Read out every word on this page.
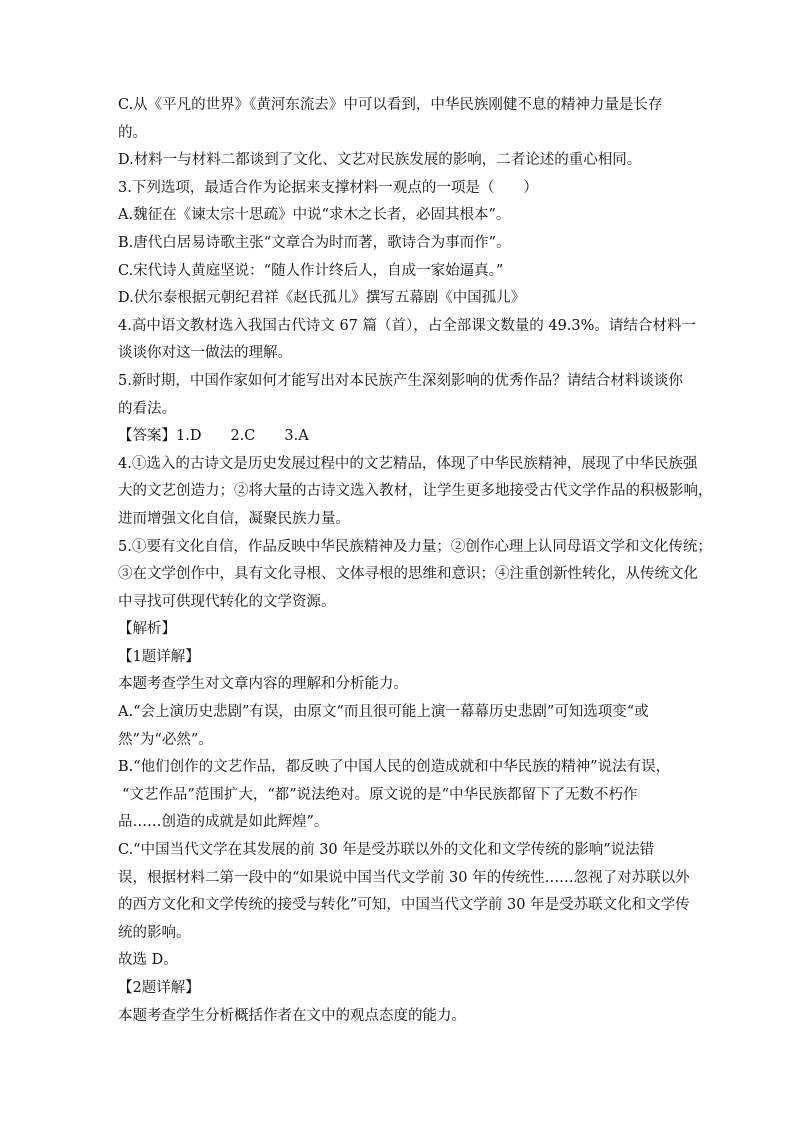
C.从《平凡的世界》《黄河东流去》中可以看到，中华民族刚健不息的精神力量是长存
的。
D.材料一与材料二都谈到了文化、文艺对民族发展的影响，二者论述的重心相同。
3.下列选项，最适合作为论据来支撑材料一观点的一项是（　　）
A.魏征在《谏太宗十思疏》中说“求木之长者，必固其根本”。
B.唐代白居易诗歌主张“文章合为时而著，歌诗合为事而作”。
C.宋代诗人黄庭坚说：“随人作计终后人，自成一家始逼真。”
D.伏尔泰根据元朝纪君祥《赵氏孤儿》撰写五幕剧《中国孤儿》
4.高中语文教材选入我国古代诗文 67 篇（首），占全部课文数量的 49.3%。请结合材料一
谈谈你对这一做法的理解。
5.新时期，中国作家如何才能写出对本民族产生深刻影响的优秀作品？请结合材料谈谈你
的看法。
【答案】1.D　　2.C　　3.A
4.①选入的古诗文是历史发展过程中的文艺精品，体现了中华民族精神，展现了中华民族强
大的文艺创造力；②将大量的古诗文选入教材，让学生更多地接受古代文学作品的积极影响，
进而增强文化自信，凝聚民族力量。
5.①要有文化自信，作品反映中华民族精神及力量；②创作心理上认同母语文学和文化传统；
③在文学创作中，具有文化寻根、文体寻根的思维和意识；④注重创新性转化，从传统文化
中寻找可供现代转化的文学资源。
【解析】
【1题详解】
本题考查学生对文章内容的理解和分析能力。
A.“会上演历史悲剧”有误，由原文“而且很可能上演一幕幕历史悲剧”可知选项变“或
然”为“必然”。
B.“他们创作的文艺作品，都反映了中国人民的创造成就和中华民族的精神”说法有误，
“文艺作品”范围扩大，“都”说法绝对。原文说的是“中华民族都留下了无数不朽作
品……创造的成就是如此辉煌”。
C.“中国当代文学在其发展的前 30 年是受苏联以外的文化和文学传统的影响”说法错
误，根据材料二第一段中的“如果说中国当代文学前 30 年的传统性……忽视了对苏联以外
的西方文化和文学传统的接受与转化”可知，中国当代文学前 30 年是受苏联文化和文学传
统的影响。
故选 D。
【2题详解】
本题考查学生分析概括作者在文中的观点态度的能力。
